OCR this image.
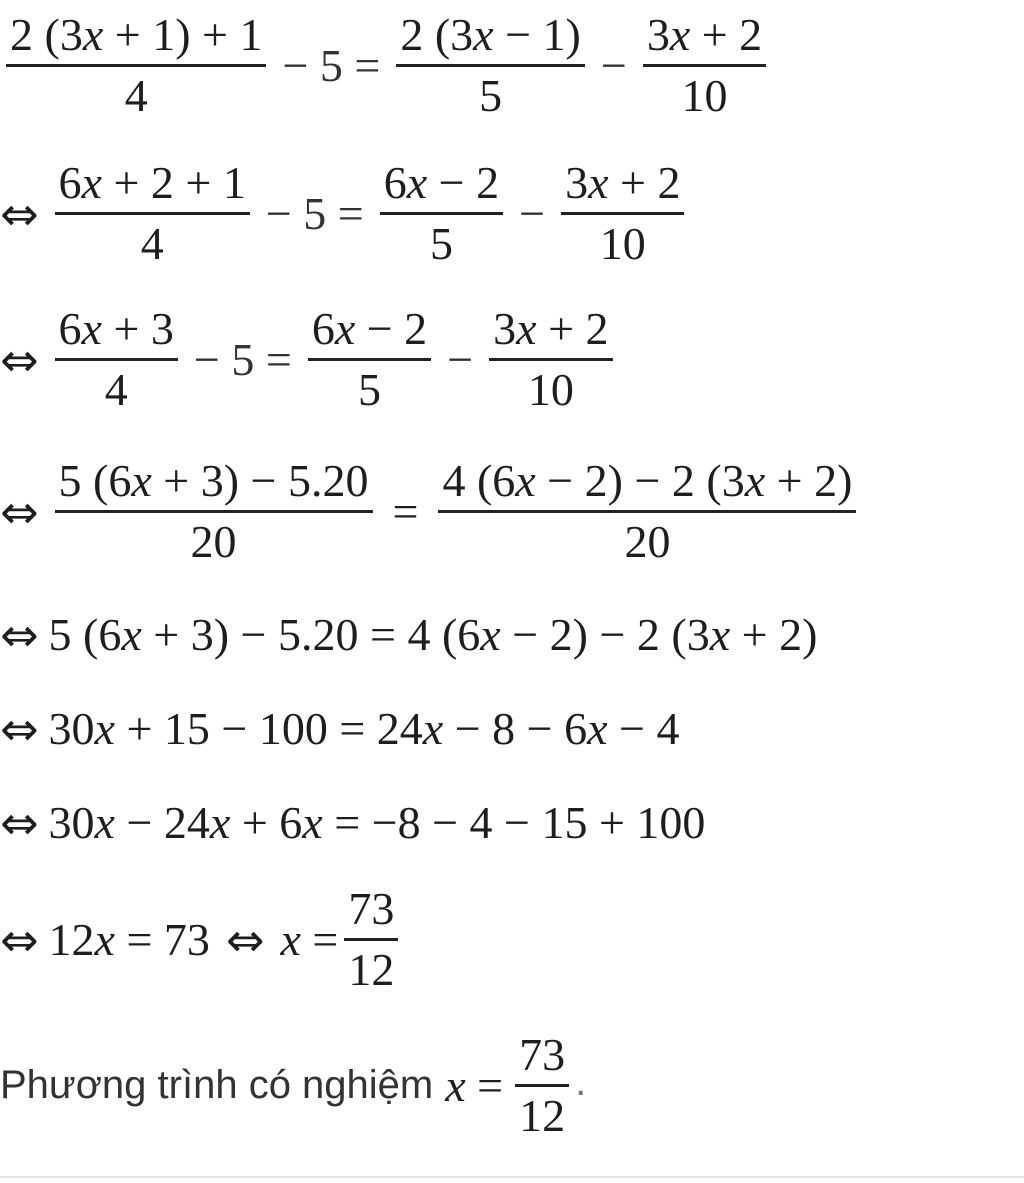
$\frac{2 (3x + 1) + 1}{4} - 5 = \frac{2 (3x - 1)}{5} - \frac{3x + 2}{10}$
⇔ $\frac{6x + 2 + 1}{4} - 5 = \frac{6x - 2}{5} - \frac{3x + 2}{10}$
⇔ $\frac{6x + 3}{4} - 5 = \frac{6x - 2}{5} - \frac{3x + 2}{10}$
⇔ $\frac{5 (6x + 3) - 5.20}{20} = \frac{4 (6x - 2) - 2 (3x + 2)}{20}$
⇔ 5 (6x + 3) − 5.20 = 4 (6x − 2) − 2 (3x + 2)
⇔ 30x + 15 − 100 = 24x − 8 − 6x − 4
⇔ 30x − 24x + 6x = −8 − 4 − 15 + 100
⇔ 12x = 73 ⇔ $x = \frac{73}{12}$
Phương trình có nghiệm $x = \frac{73}{12}$ .
